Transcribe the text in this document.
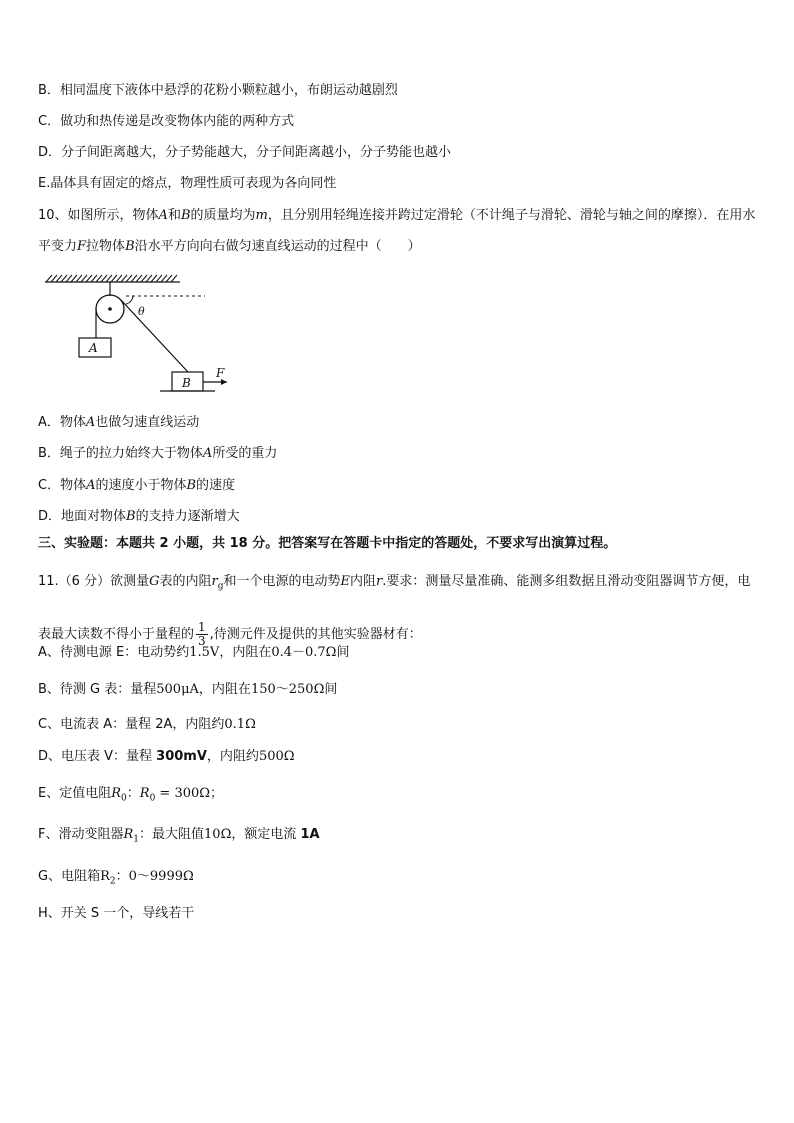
B．相同温度下液体中悬浮的花粉小颗粒越小，布朗运动越剧烈
C．做功和热传递是改变物体内能的两种方式
D．分子间距离越大，分子势能越大，分子间距离越小，分子势能也越小
E.晶体具有固定的熔点，物理性质可表现为各向同性
10、如图所示，物体A和B的质量均为m，且分别用轻绳连接并跨过定滑轮（不计绳子与滑轮、滑轮与轴之间的摩擦）．在用水平变力F拉物体B沿水平方向向右做匀速直线运动的过程中（　　）
θ
A
B
F
A．物体A也做匀速直线运动
B．绳子的拉力始终大于物体A所受的重力
C．物体A的速度小于物体B的速度
D．地面对物体B的支持力逐渐增大
三、实验题：本题共 2 小题，共 18 分。把答案写在答题卡中指定的答题处，不要求写出演算过程。
11.（6 分）欲测量G表的内阻$r_g$和一个电源的电动势E内阻r.要求：测量尽量准确、能测多组数据且滑动变阻器调节方便，电表最大读数不得小于量程的 $\frac{1}{3}$ ,待测元件及提供的其他实验器材有：
A、待测电源 E：电动势约1.5V，内阻在0.4－0.7Ω间
B、待测 G 表：量程500μA，内阻在150～250Ω间
C、电流表 A：量程 2A，内阻约0.1Ω
D、电压表 V：量程 300mV，内阻约500Ω
E、定值电阻$R_0$：$R_0 = 300\Omega$；
F、滑动变阻器$R_1$：最大阻值10Ω，额定电流 1A
G、电阻箱$R_2$：0～9999Ω
H、开关 S 一个，导线若干
